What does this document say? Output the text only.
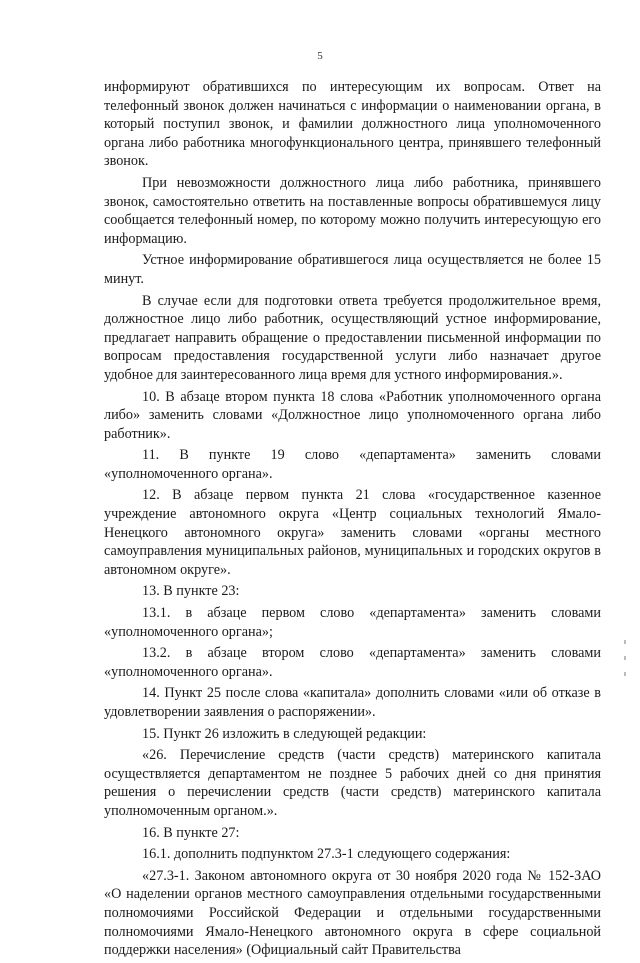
5

информируют обратившихся по интересующим их вопросам. Ответ на телефонный звонок должен начинаться с информации о наименовании органа, в который поступил звонок, и фамилии должностного лица уполномоченного органа либо работника многофункционального центра, принявшего телефонный звонок.

При невозможности должностного лица либо работника, принявшего звонок, самостоятельно ответить на поставленные вопросы обратившемуся лицу сообщается телефонный номер, по которому можно получить интересующую его информацию.

Устное информирование обратившегося лица осуществляется не более 15 минут.

В случае если для подготовки ответа требуется продолжительное время, должностное лицо либо работник, осуществляющий устное информирование, предлагает направить обращение о предоставлении письменной информации по вопросам предоставления государственной услуги либо назначает другое удобное для заинтересованного лица время для устного информирования.».

10. В абзаце втором пункта 18 слова «Работник уполномоченного органа либо» заменить словами «Должностное лицо уполномоченного органа либо работник».

11. В пункте 19 слово «департамента» заменить словами «уполномоченного органа».

12. В абзаце первом пункта 21 слова «государственное казенное учреждение автономного округа «Центр социальных технологий Ямало-Ненецкого автономного округа» заменить словами «органы местного самоуправления муниципальных районов, муниципальных и городских округов в автономном округе».

13. В пункте 23:

13.1. в абзаце первом слово «департамента» заменить словами «уполномоченного органа»;

13.2. в абзаце втором слово «департамента» заменить словами «уполномоченного органа».

14. Пункт 25 после слова «капитала» дополнить словами «или об отказе в удовлетворении заявления о распоряжении».

15. Пункт 26 изложить в следующей редакции:

«26. Перечисление средств (части средств) материнского капитала осуществляется департаментом не позднее 5 рабочих дней со дня принятия решения о перечислении средств (части средств) материнского капитала уполномоченным органом.».

16. В пункте 27:

16.1. дополнить подпунктом 27.3-1 следующего содержания:

«27.3-1. Законом автономного округа от 30 ноября 2020 года № 152-ЗАО «О наделении органов местного самоуправления отдельными государственными полномочиями Российской Федерации и отдельными государственными полномочиями Ямало-Ненецкого автономного округа в сфере социальной поддержки населения» (Официальный сайт Правительства
